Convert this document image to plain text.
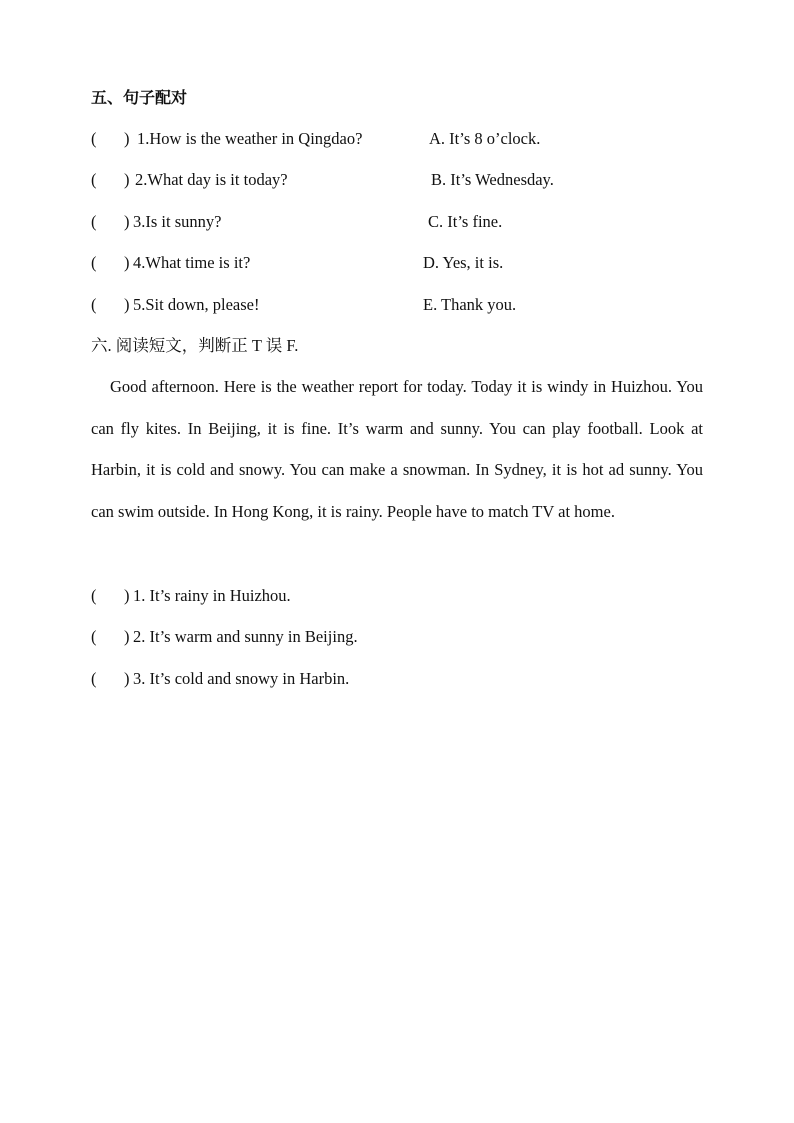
五、句子配对
( ) 1.How is the weather in Qingdao?	A. It’s 8 o’clock.
( ) 2.What day is it today?	B. It’s Wednesday.
( ) 3.Is it sunny?	C. It’s fine.
( ) 4.What time is it?	D. Yes, it is.
( ) 5.Sit down, please!	E. Thank you.
六. 阅读短文，判断正 T 误 F.
Good afternoon. Here is the weather report for today. Today it is windy in Huizhou. You can fly kites. In Beijing, it is fine. It’s warm and sunny. You can play football. Look at Harbin, it is cold and snowy. You can make a snowman. In Sydney, it is hot ad sunny. You can swim outside. In Hong Kong, it is rainy. People have to match TV at home.
( ) 1. It’s rainy in Huizhou.
( ) 2. It’s warm and sunny in Beijing.
( ) 3. It’s cold and snowy in Harbin.
